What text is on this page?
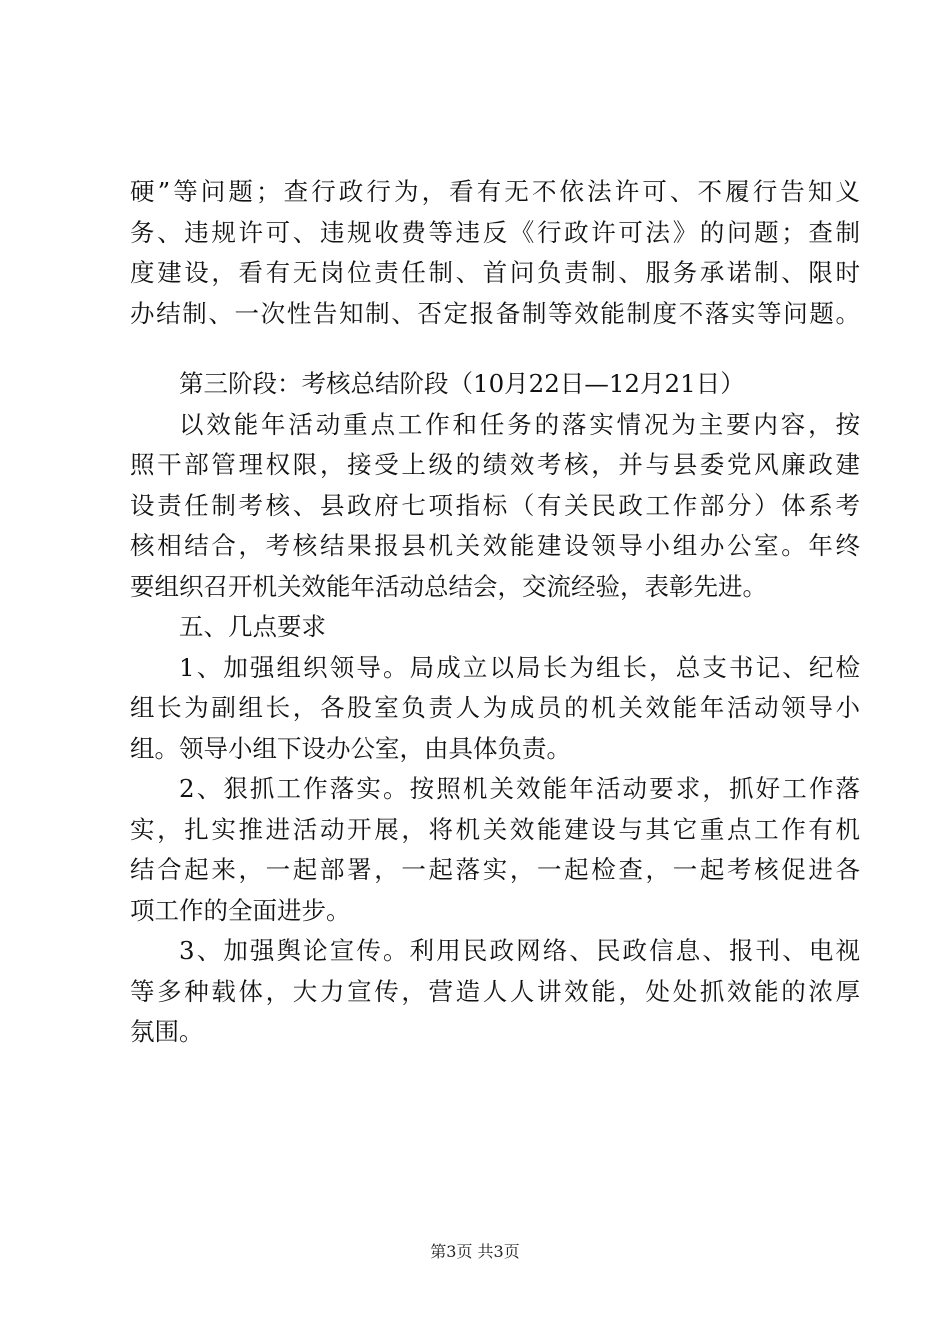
硬”等问题；查行政行为，看有无不依法许可、不履行告知义
务、违规许可、违规收费等违反《行政许可法》的问题；查制
度建设，看有无岗位责任制、首问负责制、服务承诺制、限时
办结制、一次性告知制、否定报备制等效能制度不落实等问题。
第三阶段：考核总结阶段（10月22日—12月21日）
以效能年活动重点工作和任务的落实情况为主要内容，按
照干部管理权限，接受上级的绩效考核，并与县委党风廉政建
设责任制考核、县政府七项指标（有关民政工作部分）体系考
核相结合，考核结果报县机关效能建设领导小组办公室。年终
要组织召开机关效能年活动总结会，交流经验，表彰先进。
五、几点要求
1、加强组织领导。局成立以局长为组长，总支书记、纪检
组长为副组长，各股室负责人为成员的机关效能年活动领导小
组。领导小组下设办公室，由具体负责。
2、狠抓工作落实。按照机关效能年活动要求，抓好工作落
实，扎实推进活动开展，将机关效能建设与其它重点工作有机
结合起来，一起部署，一起落实，一起检查，一起考核促进各
项工作的全面进步。
3、加强舆论宣传。利用民政网络、民政信息、报刊、电视
等多种载体，大力宣传，营造人人讲效能，处处抓效能的浓厚
氛围。
第3页 共3页
